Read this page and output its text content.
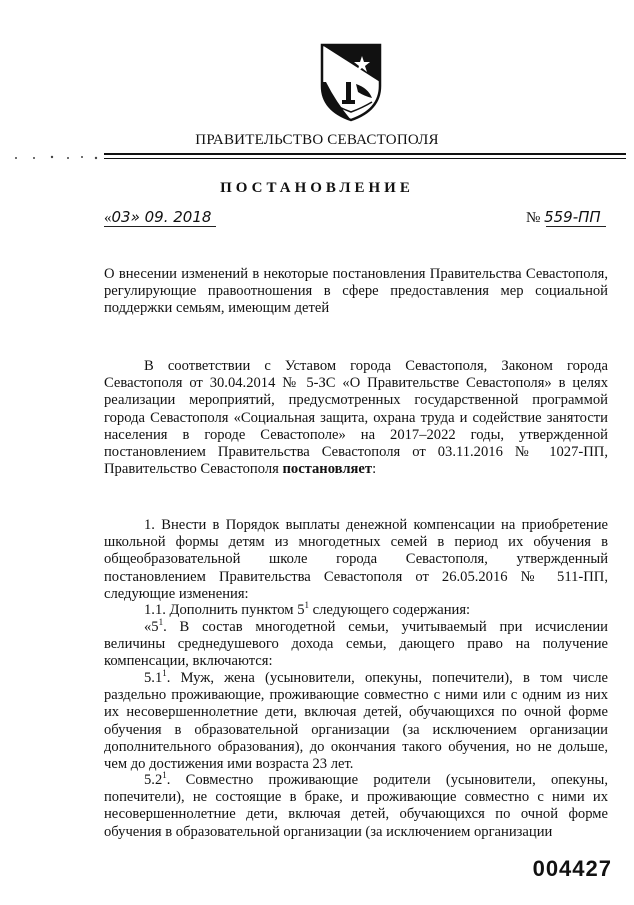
ПРАВИТЕЛЬСТВО СЕВАСТОПОЛЯ
ПОСТАНОВЛЕНИЕ
«03» 09. 2018	№ 559-ПП
О внесении изменений в некоторые постановления Правительства Севастополя, регулирующие правоотношения в сфере предоставления мер социальной поддержки семьям, имеющим детей
В соответствии с Уставом города Севастополя, Законом города Севастополя от 30.04.2014 № 5-ЗС «О Правительстве Севастополя» в целях реализации мероприятий, предусмотренных государственной программой города Севастополя «Социальная защита, охрана труда и содействие занятости населения в городе Севастополе» на 2017–2022 годы, утвержденной постановлением Правительства Севастополя от 03.11.2016 № 1027-ПП, Правительство Севастополя постановляет:
1. Внести в Порядок выплаты денежной компенсации на приобретение школьной формы детям из многодетных семей в период их обучения в общеобразовательной школе города Севастополя, утвержденный постановлением Правительства Севастополя от 26.05.2016 № 511-ПП, следующие изменения:
1.1. Дополнить пунктом $5^1$ следующего содержания:
«$5^1$. В состав многодетной семьи, учитываемый при исчислении величины среднедушевого дохода семьи, дающего право на получение компенсации, включаются:
$5.1^1$. Муж, жена (усыновители, опекуны, попечители), в том числе раздельно проживающие, проживающие совместно с ними или с одним из них их несовершеннолетние дети, включая детей, обучающихся по очной форме обучения в образовательной организации (за исключением организации дополнительного образования), до окончания такого обучения, но не дольше, чем до достижения ими возраста 23 лет.
$5.2^1$. Совместно проживающие родители (усыновители, опекуны, попечители), не состоящие в браке, и проживающие совместно с ними их несовершеннолетние дети, включая детей, обучающихся по очной форме обучения в образовательной организации (за исключением организации
004427
